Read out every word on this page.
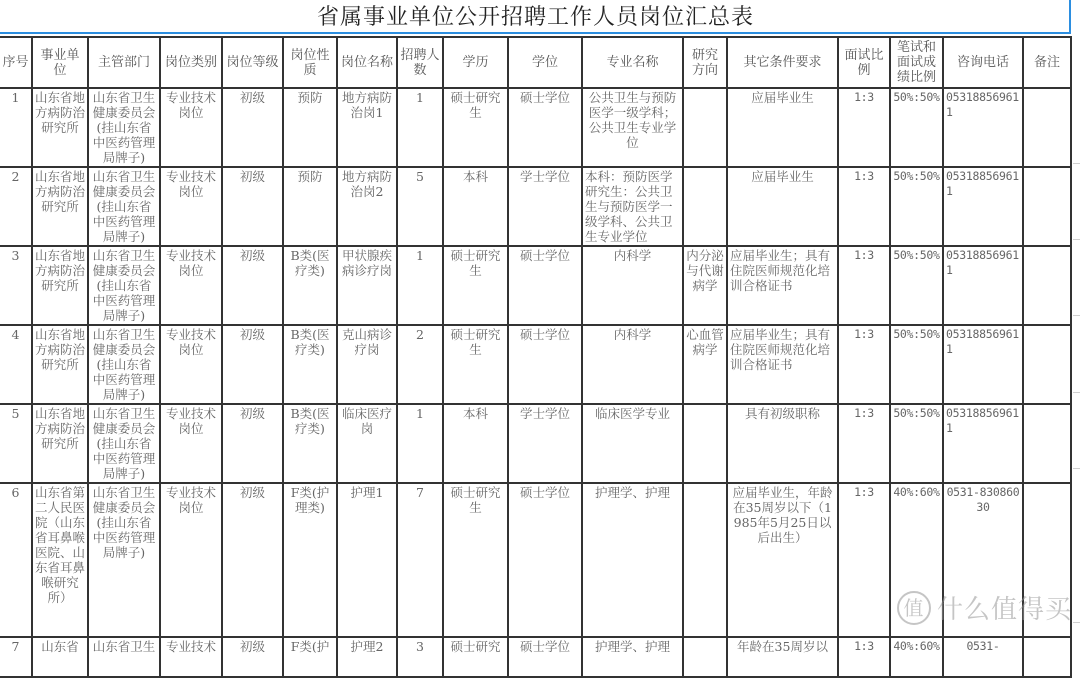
省属事业单位公开招聘工作人员岗位汇总表
序号	事业单位	主管部门	岗位类别	岗位等级	岗位性质	岗位名称	招聘人数	学历	学位	专业名称	研究方向	其它条件要求	面试比例	笔试和面试成绩比例	咨询电话	备注
1	山东省地方病防治研究所	山东省卫生健康委员会(挂山东省中医药管理局牌子)	专业技术岗位	初级	预防	地方病防治岗1	1	硕士研究生	硕士学位	公共卫生与预防医学一级学科；公共卫生专业学位		应届毕业生	1:3	50%:50%	053188569611	
2	山东省地方病防治研究所	山东省卫生健康委员会(挂山东省中医药管理局牌子)	专业技术岗位	初级	预防	地方病防治岗2	5	本科	学士学位	本科：预防医学研究生：公共卫生与预防医学一级学科、公共卫生专业学位		应届毕业生	1:3	50%:50%	053188569611	
3	山东省地方病防治研究所	山东省卫生健康委员会(挂山东省中医药管理局牌子)	专业技术岗位	初级	B类(医疗类)	甲状腺疾病诊疗岗	1	硕士研究生	硕士学位	内科学	内分泌与代谢病学	应届毕业生；具有住院医师规范化培训合格证书	1:3	50%:50%	053188569611	
4	山东省地方病防治研究所	山东省卫生健康委员会(挂山东省中医药管理局牌子)	专业技术岗位	初级	B类(医疗类)	克山病诊疗岗	2	硕士研究生	硕士学位	内科学	心血管病学	应届毕业生；具有住院医师规范化培训合格证书	1:3	50%:50%	053188569611	
5	山东省地方病防治研究所	山东省卫生健康委员会(挂山东省中医药管理局牌子)	专业技术岗位	初级	B类(医疗类)	临床医疗岗	1	本科	学士学位	临床医学专业		具有初级职称	1:3	50%:50%	053188569611	
6	山东省第二人民医院（山东省耳鼻喉医院、山东省耳鼻喉研究所）	山东省卫生健康委员会(挂山东省中医药管理局牌子)	专业技术岗位	初级	F类(护理类)	护理1	7	硕士研究生	硕士学位	护理学、护理		应届毕业生，年龄在35周岁以下（1985年5月25日以后出生）	1:3	40%:60%	0531-83086030	
7	山东省	山东省卫生	专业技术	初级	F类(护	护理2	3	硕士研究	硕士学位	护理学、护理		年龄在35周岁以	1:3	40%:60%	0531-	
值 什么值得买
